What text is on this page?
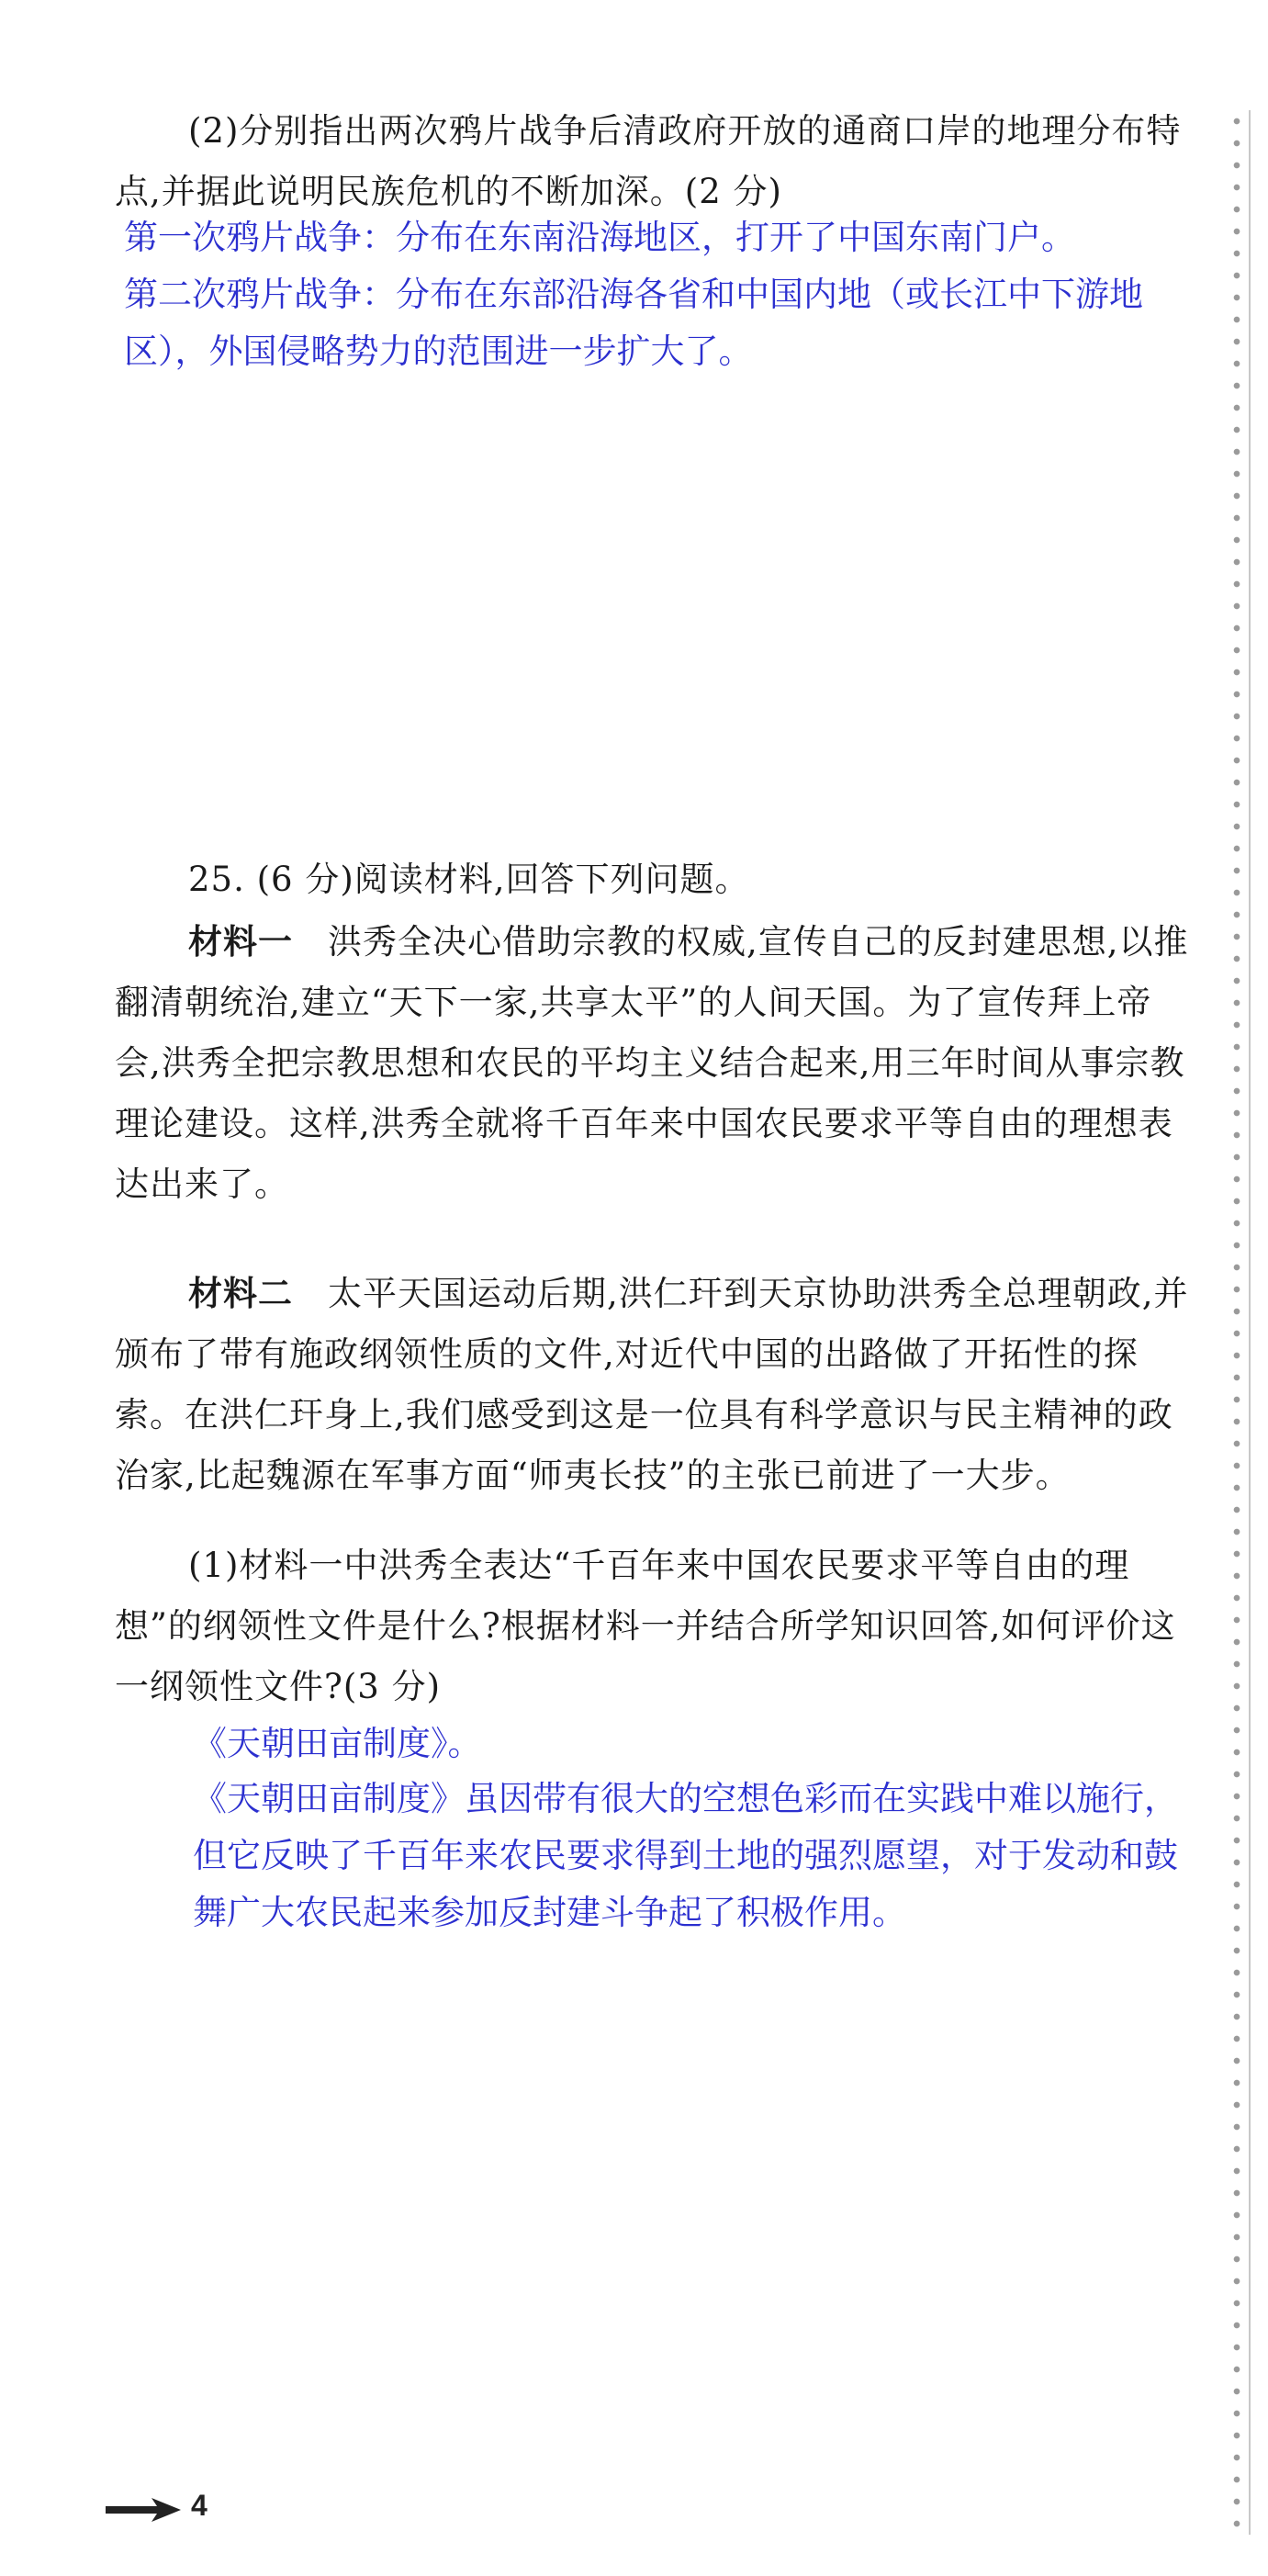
(2)分别指出两次鸦片战争后清政府开放的通商口岸的地理分布特点,并据此说明民族危机的不断加深。(2 分)

第一次鸦片战争：分布在东南沿海地区，打开了中国东南门户。

第二次鸦片战争：分布在东部沿海各省和中国内地（或长江中下游地区），外国侵略势力的范围进一步扩大了。

25. (6 分)阅读材料,回答下列问题。

材料一　 洪秀全决心借助宗教的权威,宣传自己的反封建思想,以推翻清朝统治,建立“天下一家,共享太平”的人间天国。为了宣传拜上帝会,洪秀全把宗教思想和农民的平均主义结合起来,用三年时间从事宗教理论建设。这样,洪秀全就将千百年来中国农民要求平等自由的理想表达出来了。

材料二　 太平天国运动后期,洪仁玕到天京协助洪秀全总理朝政,并颁布了带有施政纲领性质的文件,对近代中国的出路做了开拓性的探索。在洪仁玕身上,我们感受到这是一位具有科学意识与民主精神的政治家,比起魏源在军事方面“师夷长技”的主张已前进了一大步。

(1)材料一中洪秀全表达“千百年来中国农民要求平等自由的理想”的纲领性文件是什么?根据材料一并结合所学知识回答,如何评价这一纲领性文件?(3 分)

《天朝田亩制度》。

《天朝田亩制度》虽因带有很大的空想色彩而在实践中难以施行，但它反映了千百年来农民要求得到土地的强烈愿望，对于发动和鼓舞广大农民起来参加反封建斗争起了积极作用。

4
